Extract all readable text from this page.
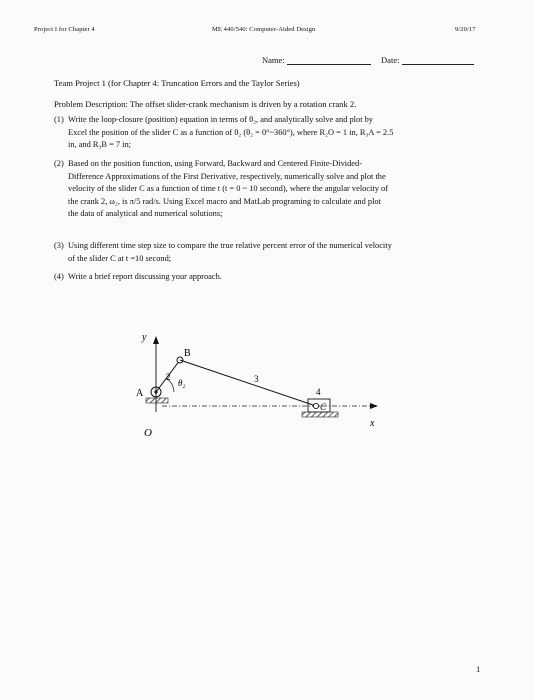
Project I for Chapter 4	ME 440/540: Computer-Aided Design	9/20/17
Name:	Date:
Team Project 1 (for Chapter 4: Truncation Errors and the Taylor Series)
Problem Description: The offset slider-crank mechanism is driven by a rotation crank 2.
(1) Write the loop-closure (position) equation in terms of θ₂, and analytically solve and plot by
Excel the position of the slider C as a function of θ₂ (θ₂ = 0°~360°), where R₂O = 1 in, R₃A = 2.5
in, and R₃B = 7 in;
(2) Based on the position function, using Forward, Backward and Centered Finite-Divided-
Difference Approximations of the First Derivative, respectively, numerically solve and plot the
velocity of the slider C as a function of time t (t = 0 ~ 10 second), where the angular velocity of
the crank 2, ω₂, is π/5 rad/s. Using Excel macro and MatLab programing to calculate and plot
the data of analytical and numerical solutions;
(3) Using different time step size to compare the true relative percent error of the numerical velocity
of the slider C at t =10 second;
(4) Write a brief report discussing your approach.
y
x
A
O
B
2
θ₂	3
C
4
1
